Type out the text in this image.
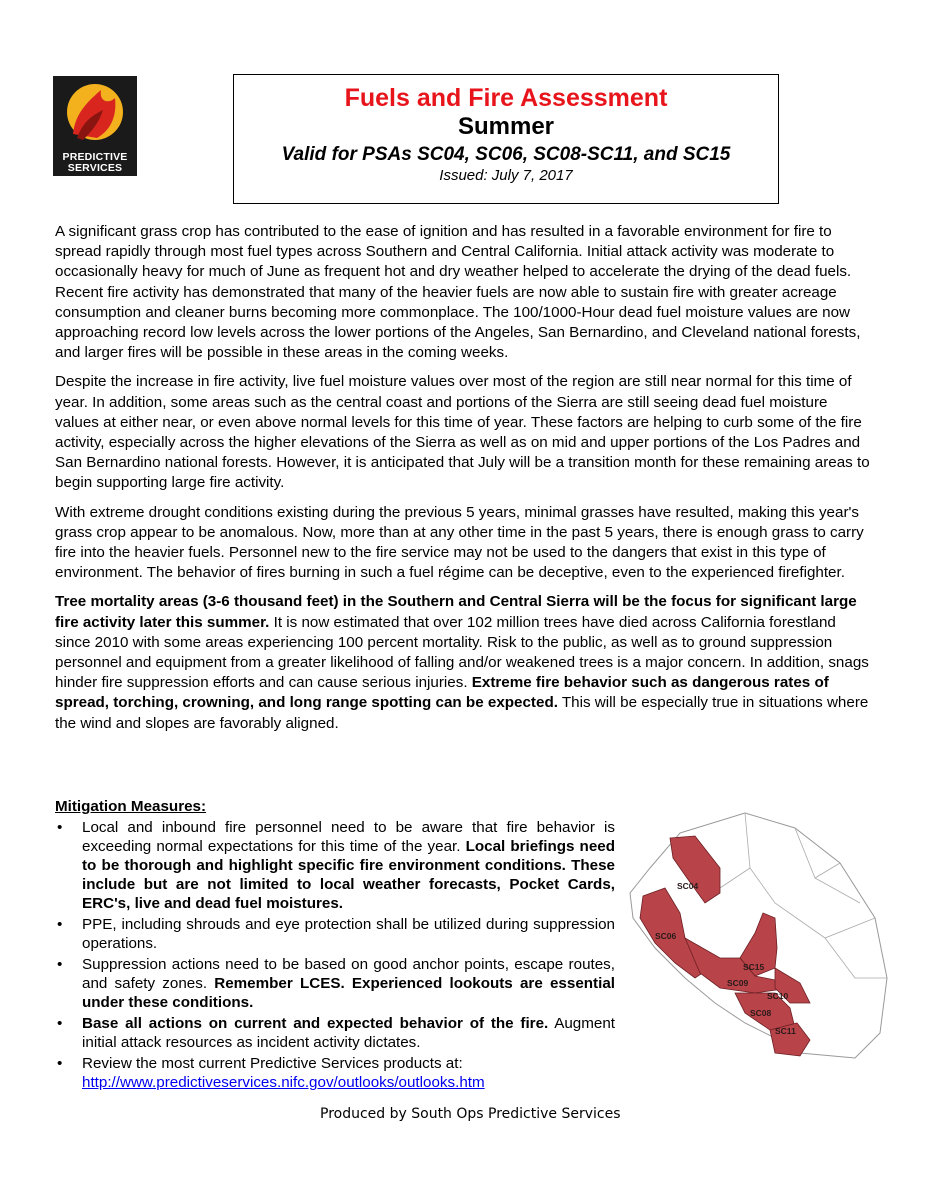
PREDICTIVE
SERVICES
Fuels and Fire Assessment
Summer
Valid for PSAs SC04, SC06, SC08-SC11, and SC15
Issued: July 7, 2017

A significant grass crop has contributed to the ease of ignition and has resulted in a favorable environment for fire to spread rapidly through most fuel types across Southern and Central California. Initial attack activity was moderate to occasionally heavy for much of June as frequent hot and dry weather helped to accelerate the drying of the dead fuels. Recent fire activity has demonstrated that many of the heavier fuels are now able to sustain fire with greater acreage consumption and cleaner burns becoming more commonplace. The 100/1000-Hour dead fuel moisture values are now approaching record low levels across the lower portions of the Angeles, San Bernardino, and Cleveland national forests, and larger fires will be possible in these areas in the coming weeks.

Despite the increase in fire activity, live fuel moisture values over most of the region are still near normal for this time of year. In addition, some areas such as the central coast and portions of the Sierra are still seeing dead fuel moisture values at either near, or even above normal levels for this time of year. These factors are helping to curb some of the fire activity, especially across the higher elevations of the Sierra as well as on mid and upper portions of the Los Padres and San Bernardino national forests. However, it is anticipated that July will be a transition month for these remaining areas to begin supporting large fire activity.

With extreme drought conditions existing during the previous 5 years, minimal grasses have resulted, making this year's grass crop appear to be anomalous. Now, more than at any other time in the past 5 years, there is enough grass to carry fire into the heavier fuels. Personnel new to the fire service may not be used to the dangers that exist in this type of environment. The behavior of fires burning in such a fuel régime can be deceptive, even to the experienced firefighter.

Tree mortality areas (3-6 thousand feet) in the Southern and Central Sierra will be the focus for significant large fire activity later this summer. It is now estimated that over 102 million trees have died across California forestland since 2010 with some areas experiencing 100 percent mortality. Risk to the public, as well as to ground suppression personnel and equipment from a greater likelihood of falling and/or weakened trees is a major concern. In addition, snags hinder fire suppression efforts and can cause serious injuries. Extreme fire behavior such as dangerous rates of spread, torching, crowning, and long range spotting can be expected. This will be especially true in situations where the wind and slopes are favorably aligned.

Mitigation Measures:
• Local and inbound fire personnel need to be aware that fire behavior is exceeding normal expectations for this time of the year. Local briefings need to be thorough and highlight specific fire environment conditions. These include but are not limited to local weather forecasts, Pocket Cards, ERC's, live and dead fuel moistures.
• PPE, including shrouds and eye protection shall be utilized during suppression operations.
• Suppression actions need to be based on good anchor points, escape routes, and safety zones. Remember LCES. Experienced lookouts are essential under these conditions.
• Base all actions on current and expected behavior of the fire. Augment initial attack resources as incident activity dictates.
• Review the most current Predictive Services products at:
http://www.predictiveservices.nifc.gov/outlooks/outlooks.htm
SC04
SC06
SC09
SC15
SC10
SC08
SC11
Produced by South Ops Predictive Services
